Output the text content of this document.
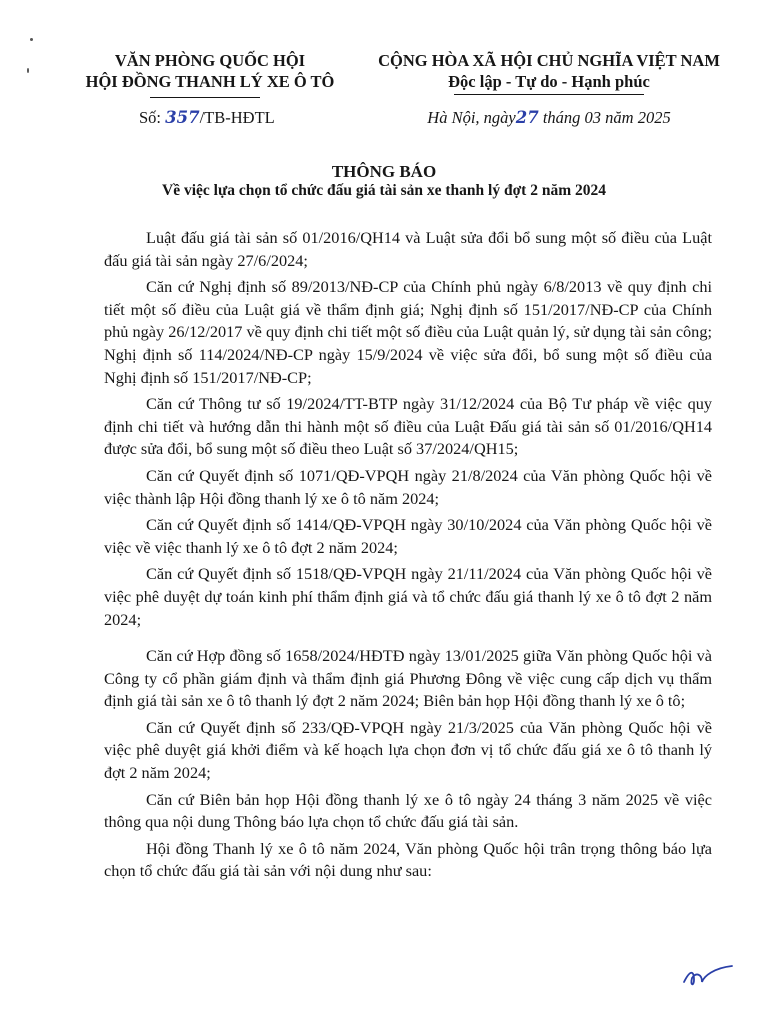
VĂN PHÒNG QUỐC HỘI
HỘI ĐỒNG THANH LÝ XE Ô TÔ
CỘNG HÒA XÃ HỘI CHỦ NGHĨA VIỆT NAM
Độc lập - Tự do - Hạnh phúc
Số: 357/TB-HĐTL	Hà Nội, ngày27 tháng 03 năm 2025
THÔNG BÁO
Về việc lựa chọn tổ chức đấu giá tài sản xe thanh lý đợt 2 năm 2024

Luật đấu giá tài sản số 01/2016/QH14 và Luật sửa đổi bổ sung một số điều của Luật đấu giá tài sản ngày 27/6/2024;

Căn cứ Nghị định số 89/2013/NĐ-CP của Chính phủ ngày 6/8/2013 về quy định chi tiết một số điều của Luật giá về thẩm định giá; Nghị định số 151/2017/NĐ-CP của Chính phủ ngày 26/12/2017 về quy định chi tiết một số điều của Luật quản lý, sử dụng tài sản công; Nghị định số 114/2024/NĐ-CP ngày 15/9/2024 về việc sửa đổi, bổ sung một số điều của Nghị định số 151/2017/NĐ-CP;

Căn cứ Thông tư số 19/2024/TT-BTP ngày 31/12/2024 của Bộ Tư pháp về việc quy định chi tiết và hướng dẫn thi hành một số điều của Luật Đấu giá tài sản số 01/2016/QH14 được sửa đổi, bổ sung một số điều theo Luật số 37/2024/QH15;

Căn cứ Quyết định số 1071/QĐ-VPQH ngày 21/8/2024 của Văn phòng Quốc hội về việc thành lập Hội đồng thanh lý xe ô tô năm 2024;

Căn cứ Quyết định số 1414/QĐ-VPQH ngày 30/10/2024 của Văn phòng Quốc hội về việc về việc thanh lý xe ô tô đợt 2 năm 2024;

Căn cứ Quyết định số 1518/QĐ-VPQH ngày 21/11/2024 của Văn phòng Quốc hội về việc phê duyệt dự toán kinh phí thẩm định giá và tổ chức đấu giá thanh lý xe ô tô đợt 2 năm 2024;

Căn cứ Hợp đồng số 1658/2024/HĐTĐ ngày 13/01/2025 giữa Văn phòng Quốc hội và Công ty cổ phần giám định và thẩm định giá Phương Đông về việc cung cấp dịch vụ thẩm định giá tài sản xe ô tô thanh lý đợt 2 năm 2024; Biên bản họp Hội đồng thanh lý xe ô tô;

Căn cứ Quyết định số 233/QĐ-VPQH ngày 21/3/2025 của Văn phòng Quốc hội về việc phê duyệt giá khởi điểm và kế hoạch lựa chọn đơn vị tổ chức đấu giá xe ô tô thanh lý đợt 2 năm 2024;

Căn cứ Biên bản họp Hội đồng thanh lý xe ô tô ngày 24 tháng 3 năm 2025 về việc thông qua nội dung Thông báo lựa chọn tổ chức đấu giá tài sản.

Hội đồng Thanh lý xe ô tô năm 2024, Văn phòng Quốc hội trân trọng thông báo lựa chọn tổ chức đấu giá tài sản với nội dung như sau:
